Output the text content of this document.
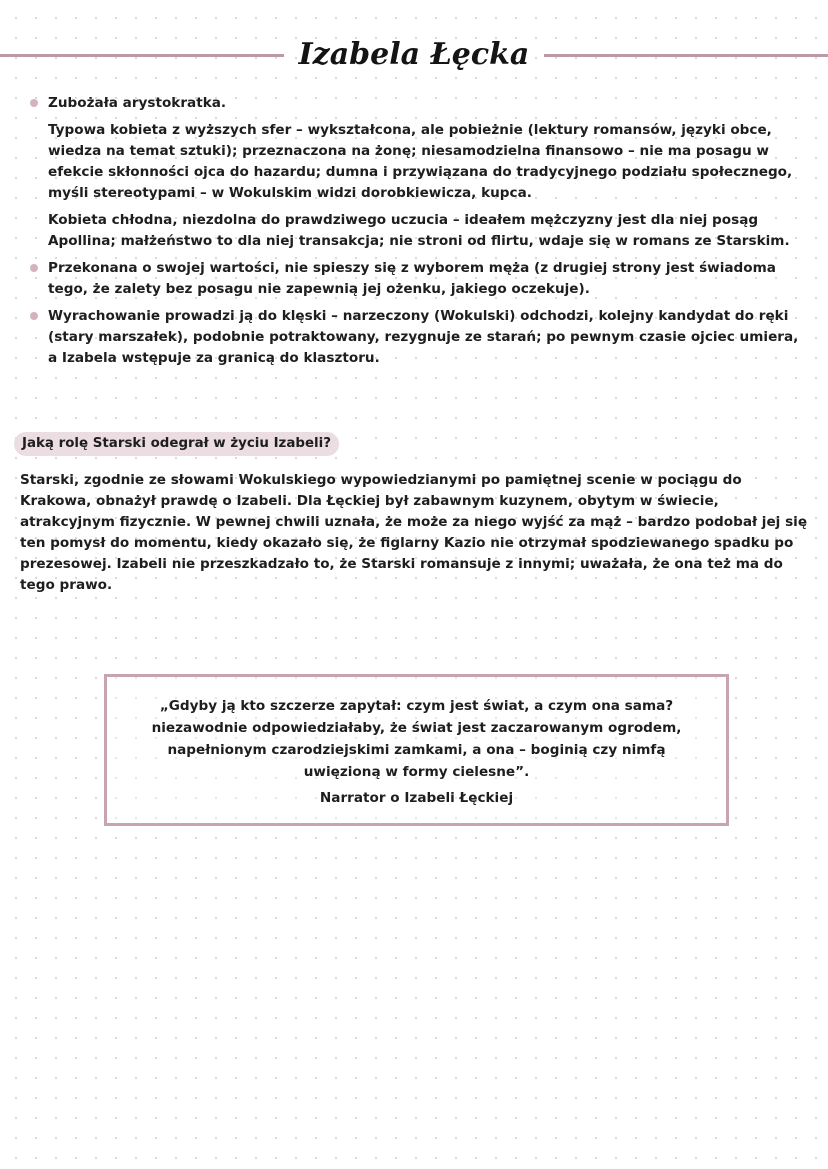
Izabela Łęcka

Zubożała arystokratka.

Typowa kobieta z wyższych sfer – wykształcona, ale pobieżnie (lektury romansów, języki obce, wiedza na temat sztuki); przeznaczona na żonę; niesamodzielna finansowo – nie ma posagu w efekcie skłonności ojca do hazardu; dumna i przywiązana do tradycyjnego podziału społecznego, myśli stereotypami – w Wokulskim widzi dorobkiewicza, kupca.

Kobieta chłodna, niezdolna do prawdziwego uczucia – ideałem mężczyzny jest dla niej posąg Apollina; małżeństwo to dla niej transakcja; nie stroni od flirtu, wdaje się w romans ze Starskim.

Przekonana o swojej wartości, nie spieszy się z wyborem męża (z drugiej strony jest świadoma tego, że zalety bez posagu nie zapewnią jej ożenku, jakiego oczekuje).

Wyrachowanie prowadzi ją do klęski – narzeczony (Wokulski) odchodzi, kolejny kandydat do ręki (stary marszałek), podobnie potraktowany, rezygnuje ze starań; po pewnym czasie ojciec umiera, a Izabela wstępuje za granicą do klasztoru.

Jaką rolę Starski odegrał w życiu Izabeli?

Starski, zgodnie ze słowami Wokulskiego wypowiedzianymi po pamiętnej scenie w pociągu do Krakowa, obnażył prawdę o Izabeli. Dla Łęckiej był zabawnym kuzynem, obytym w świecie, atrakcyjnym fizycznie. W pewnej chwili uznała, że może za niego wyjść za mąż – bardzo podobał jej się ten pomysł do momentu, kiedy okazało się, że figlarny Kazio nie otrzymał spodziewanego spadku po prezesowej. Izabeli nie przeszkadzało to, że Starski romansuje z innymi; uważała, że ona też ma do tego prawo.

„Gdyby ją kto szczerze zapytał: czym jest świat, a czym ona sama?
niezawodnie odpowiedziałaby, że świat jest zaczarowanym ogrodem,
napełnionym czarodziejskimi zamkami, a ona – boginią czy nimfą
uwięzioną w formy cielesne”.

Narrator o Izabeli Łęckiej
